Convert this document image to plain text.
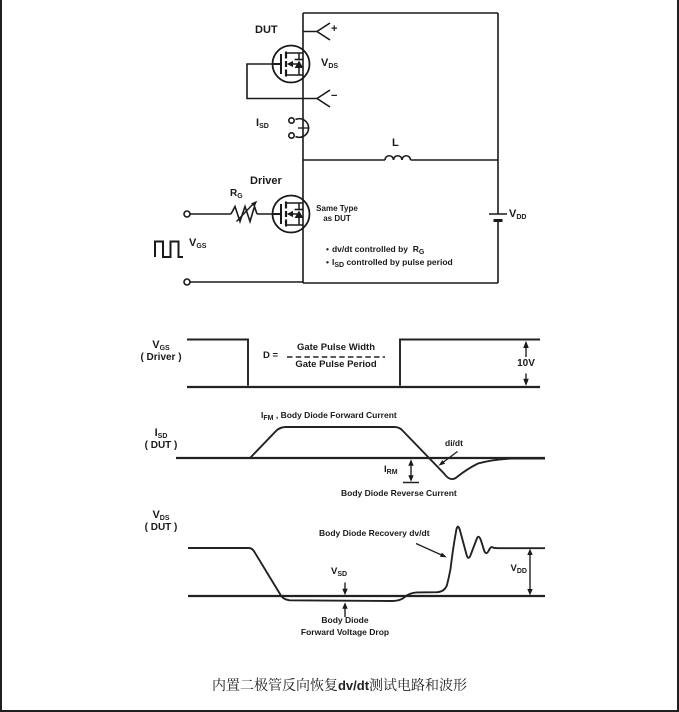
DUT	+
$V_{DS}$
−
$I_{SD}$
L
Driver
$R_G$
Same Type
as DUT	$V_{DD}$
$V_{GS}$	• dv/dt controlled by  $R_G$
• $I_{SD}$ controlled by pulse period
$V_{GS}$
( Driver )	D =
Gate Pulse Width
Gate Pulse Period	10V
$I_{SD}$
( DUT )
$I_{FM}$ , Body Diode Forward Current
di/dt
$I_{RM}$
Body Diode Reverse Current
$V_{DS}$
( DUT )
Body Diode Recovery dv/dt
$V_{SD}$
$V_{DD}$
Body Diode
Forward Voltage Drop
内置二极管反向恢复dv/dt测试电路和波形
